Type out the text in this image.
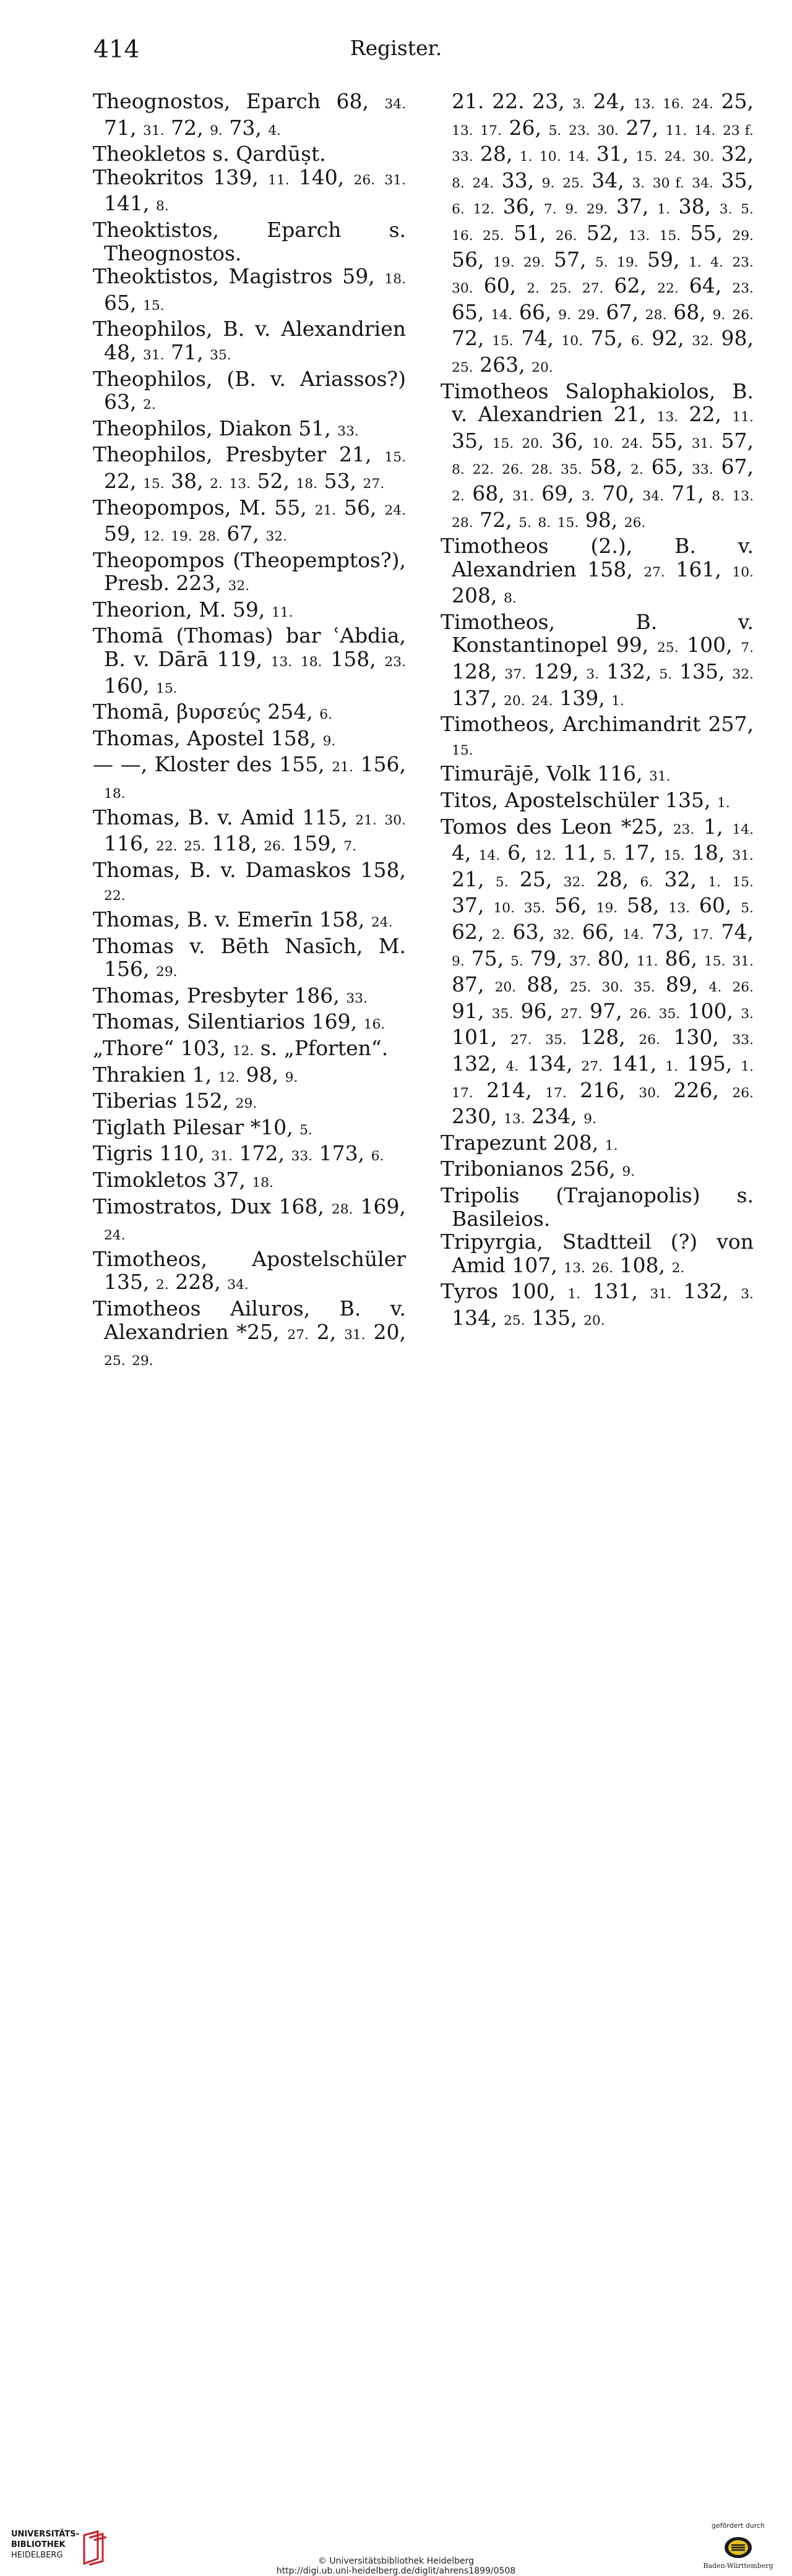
414	Register.

Theognostos, Eparch 68, 34. 71, 31. 72, 9. 73, 4.

Theokletos s. Qardūṣt.

Theokritos 139, 11. 140, 26. 31. 141, 8.

Theoktistos, Eparch s. Theognostos.

Theoktistos, Magistros 59, 18. 65, 15.

Theophilos, B. v. Alexandrien 48, 31. 71, 35.

Theophilos, (B. v. Ariassos?) 63, 2.

Theophilos, Diakon 51, 33.

Theophilos, Presbyter 21, 15. 22, 15. 38, 2. 13. 52, 18. 53, 27.

Theopompos, M. 55, 21. 56, 24. 59, 12. 19. 28. 67, 32.

Theopompos (Theopemptos?), Presb. 223, 32.

Theorion, M. 59, 11.

Thomā (Thomas) bar ʿAbdia, B. v. Dārā 119, 13. 18. 158, 23. 160, 15.

Thomā, βυρσεύς 254, 6.

Thomas, Apostel 158, 9.

— —, Kloster des 155, 21. 156, 18.

Thomas, B. v. Amid 115, 21. 30. 116, 22. 25. 118, 26. 159, 7.

Thomas, B. v. Damaskos 158, 22.

Thomas, B. v. Emerīn 158, 24.

Thomas v. Bēth Nasīch, M. 156, 29.

Thomas, Presbyter 186, 33.

Thomas, Silentiarios 169, 16.

„Thore“ 103, 12. s. „Pforten“.

Thrakien 1, 12. 98, 9.

Tiberias 152, 29.

Tiglath Pilesar *10, 5.

Tigris 110, 31. 172, 33. 173, 6.

Timokletos 37, 18.

Timostratos, Dux 168, 28. 169, 24.

Timotheos, Apostelschüler 135, 2. 228, 34.

Timotheos Ailuros, B. v. Alexandrien *25, 27. 2, 31. 20, 25. 29.

21. 22. 23, 3. 24, 13. 16. 24. 25, 13. 17. 26, 5. 23. 30. 27, 11. 14. 23 f. 33. 28, 1. 10. 14. 31, 15. 24. 30. 32, 8. 24. 33, 9. 25. 34, 3. 30 f. 34. 35, 6. 12. 36, 7. 9. 29. 37, 1. 38, 3. 5. 16. 25. 51, 26. 52, 13. 15. 55, 29. 56, 19. 29. 57, 5. 19. 59, 1. 4. 23. 30. 60, 2. 25. 27. 62, 22. 64, 23. 65, 14. 66, 9. 29. 67, 28. 68, 9. 26. 72, 15. 74, 10. 75, 6. 92, 32. 98, 25. 263, 20.

Timotheos Salophakiolos, B. v. Alexandrien 21, 13. 22, 11. 35, 15. 20. 36, 10. 24. 55, 31. 57, 8. 22. 26. 28. 35. 58, 2. 65, 33. 67, 2. 68, 31. 69, 3. 70, 34. 71, 8. 13. 28. 72, 5. 8. 15. 98, 26.

Timotheos (2.), B. v. Alexandrien 158, 27. 161, 10. 208, 8.

Timotheos, B. v. Konstantinopel 99, 25. 100, 7. 128, 37. 129, 3. 132, 5. 135, 32. 137, 20. 24. 139, 1.

Timotheos, Archimandrit 257, 15.

Timurājē, Volk 116, 31.

Titos, Apostelschüler 135, 1.

Tomos des Leon *25, 23. 1, 14. 4, 14. 6, 12. 11, 5. 17, 15. 18, 31. 21, 5. 25, 32. 28, 6. 32, 1. 15. 37, 10. 35. 56, 19. 58, 13. 60, 5. 62, 2. 63, 32. 66, 14. 73, 17. 74, 9. 75, 5. 79, 37. 80, 11. 86, 15. 31. 87, 20. 88, 25. 30. 35. 89, 4. 26. 91, 35. 96, 27. 97, 26. 35. 100, 3. 101, 27. 35. 128, 26. 130, 33. 132, 4. 134, 27. 141, 1. 195, 1. 17. 214, 17. 216, 30. 226, 26. 230, 13. 234, 9.

Trapezunt 208, 1.

Tribonianos 256, 9.

Tripolis (Trajanopolis) s. Basileios.

Tripyrgia, Stadtteil (?) von Amid 107, 13. 26. 108, 2.

Tyros 100, 1. 131, 31. 132, 3. 134, 25. 135, 20.

UNIVERSITÄTS-
BIBLIOTHEK
HEIDELBERG
© Universitätsbibliothek Heidelberg
http://digi.ub.uni-heidelberg.de/diglit/ahrens1899/0508
gefördert durch
Baden-Württemberg
